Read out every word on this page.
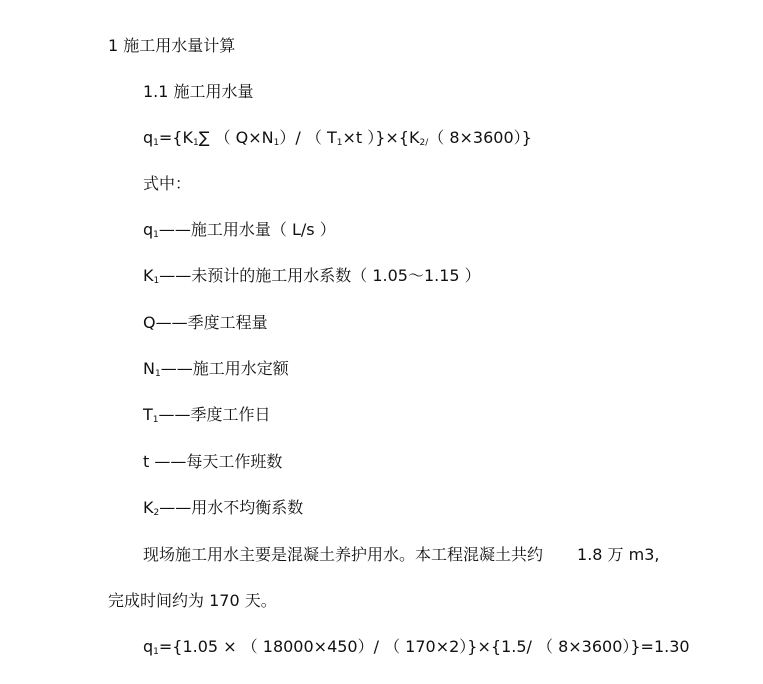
1 施工用水量计算
1.1 施工用水量
$q_1=\{K_1\sum$ （ $Q\times N_1)/$ （ $T_1\times t$ ）}$\times\{K_{2/}$（ 8×3600）}
式中：
$q_1——$施工用水量（ L/s ）
$K_1——$未预计的施工用水系数（ 1.05～1.15 ）
Q——季度工程量
$N_1——$施工用水定额
$T_1——$季度工作日
t ——每天工作班数
$K_2——$用水不均衡系数
现场施工用水主要是混凝土养护用水。本工程混凝土共约 1.8 万 m3,
完成时间约为 170 天。
$q_1=\{1.05$ × （ 18000×450）/ （ 170×2）}×{1.5/ （ 8×3600）}=1.30
